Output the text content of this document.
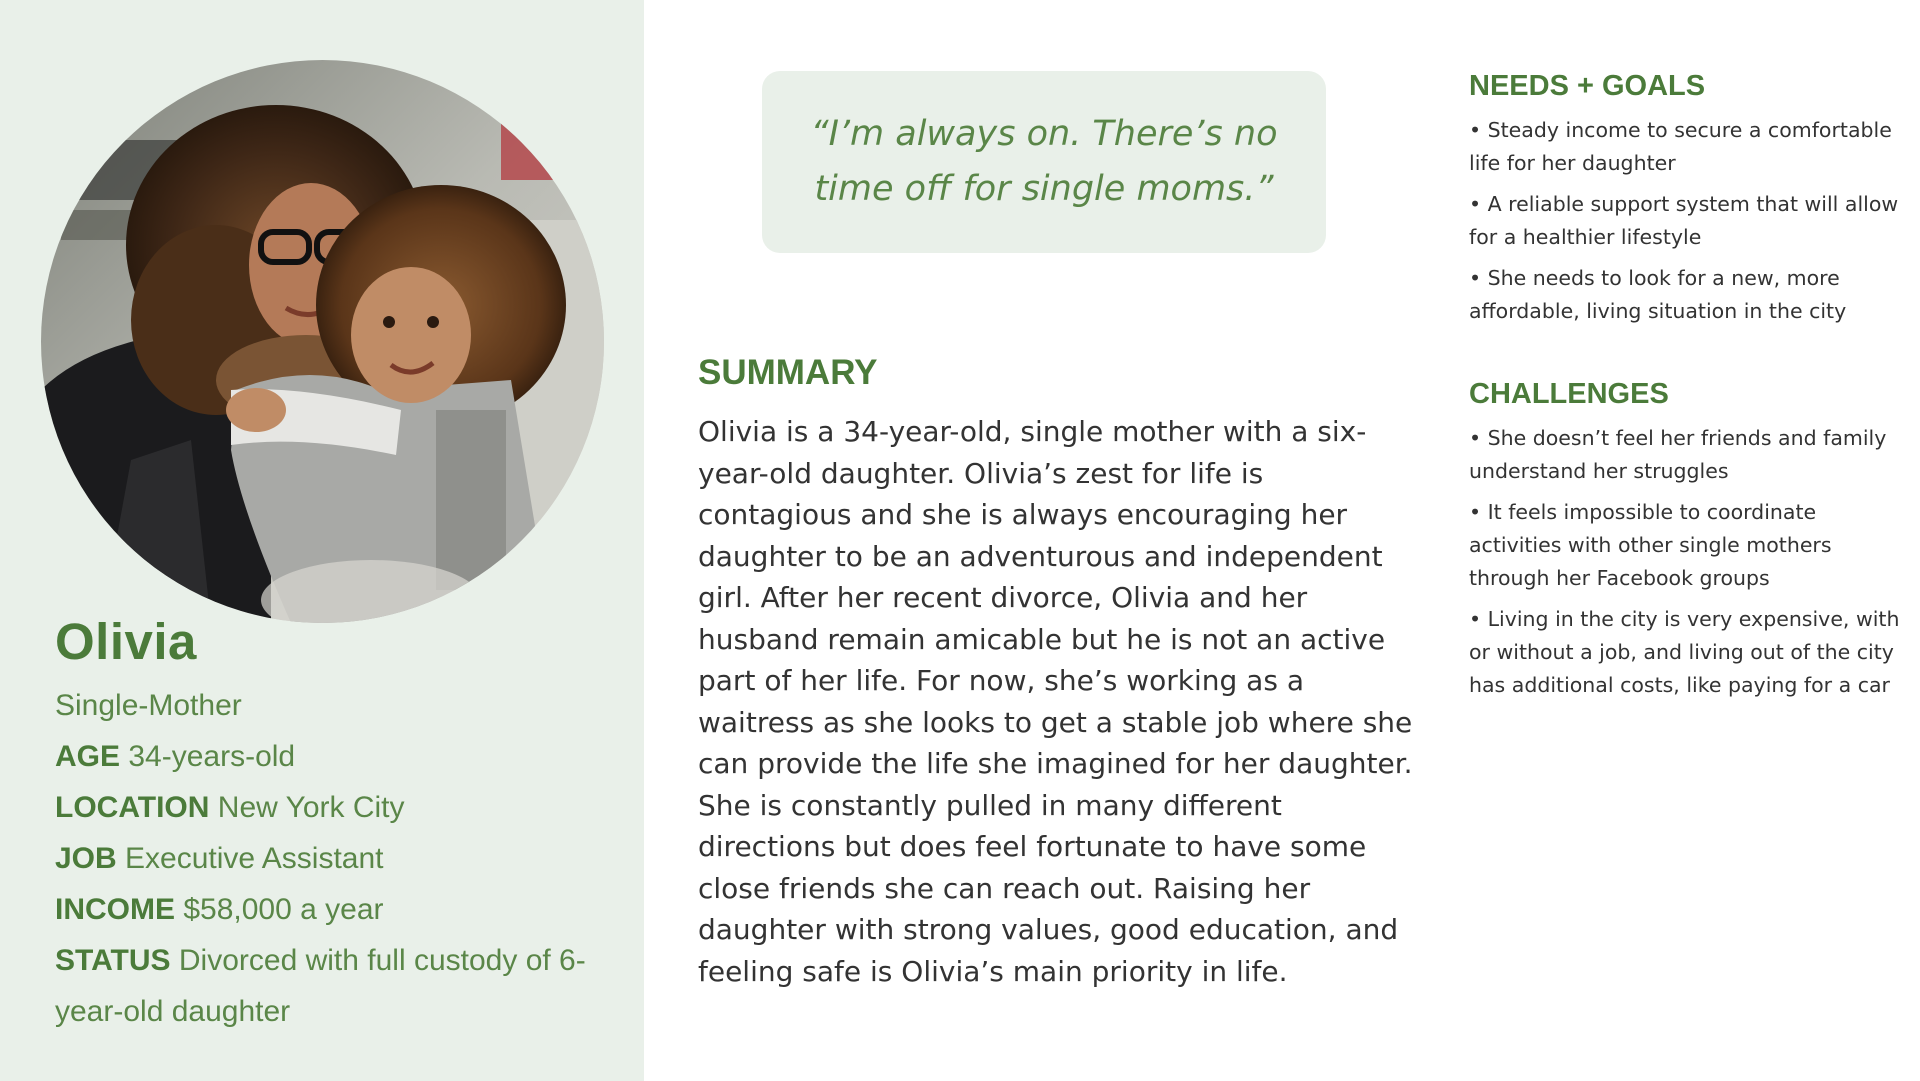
Olivia
Single-Mother
AGE 34-years-old
LOCATION New York City
JOB Executive Assistant
INCOME $58,000 a year
STATUS Divorced with full custody of 6-year-old daughter
“I’m always on. There’s no time off for single moms.”
SUMMARY

Olivia is a 34-year-old, single mother with a six-year-old daughter. Olivia’s zest for life is contagious and she is always encouraging her daughter to be an adventurous and independent girl. After her recent divorce, Olivia and her husband remain amicable but he is not an active part of her life. For now, she’s working as a waitress as she looks to get a stable job where she can provide the life she imagined for her daughter. She is constantly pulled in many different directions but does feel fortunate to have some close friends she can reach out. Raising her daughter with strong values, good education, and feeling safe is Olivia’s main priority in life.

NEEDS + GOALS
• Steady income to secure a comfortable life for her daughter
• A reliable support system that will allow for a healthier lifestyle
• She needs to look for a new, more affordable, living situation in the city
CHALLENGES
• She doesn’t feel her friends and family understand her struggles
• It feels impossible to coordinate activities with other single mothers through her Facebook groups
• Living in the city is very expensive, with or without a job, and living out of the city has additional costs, like paying for a car
